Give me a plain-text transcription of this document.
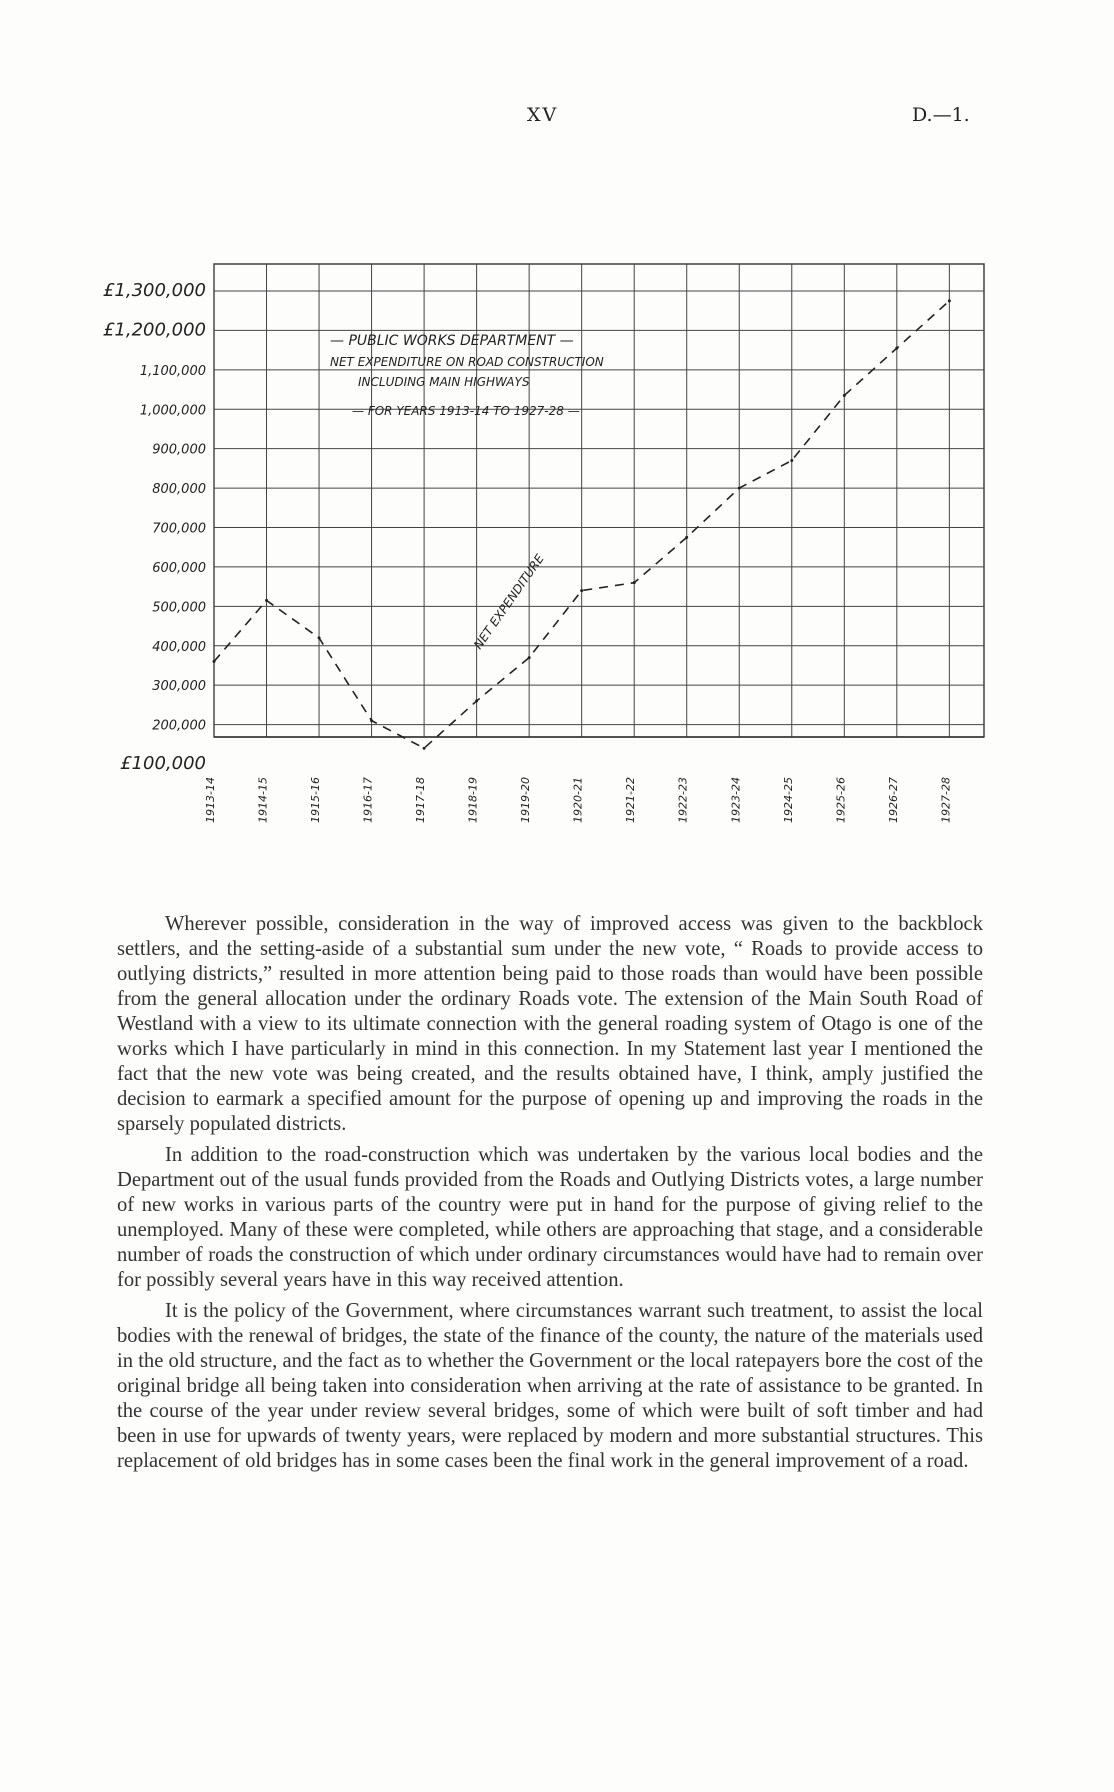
XV	D.—1.
£1,300,000
£1,200,000
1,100,000
1,000,000
900,000
800,000
700,000
600,000
500,000
400,000
300,000
200,000
£100,000
1913-14	1914-15	1915-16	1916-17	1917-18	1918-19	1919-20	1920-21	1921-22	1922-23	1923-24	1924-25	1925-26	1926-27	1927-28
— PUBLIC WORKS DEPARTMENT —
NET EXPENDITURE ON ROAD CONSTRUCTION
INCLUDING MAIN HIGHWAYS
— FOR YEARS 1913-14 TO 1927-28 —
NET EXPENDITURE

Wherever possible, consideration in the way of improved access was given to the backblock settlers, and the setting-aside of a substantial sum under the new vote, “ Roads to provide access to outlying districts,” resulted in more attention being paid to those roads than would have been possible from the general allocation under the ordinary Roads vote. The extension of the Main South Road of Westland with a view to its ultimate connection with the general roading system of Otago is one of the works which I have particularly in mind in this connection. In my Statement last year I mentioned the fact that the new vote was being created, and the results obtained have, I think, amply justified the decision to earmark a specified amount for the purpose of opening up and improving the roads in the sparsely populated districts.

In addition to the road-construction which was undertaken by the various local bodies and the Department out of the usual funds provided from the Roads and Outlying Districts votes, a large number of new works in various parts of the country were put in hand for the purpose of giving relief to the unemployed. Many of these were completed, while others are approaching that stage, and a considerable number of roads the construction of which under ordinary circumstances would have had to remain over for possibly several years have in this way received attention.

It is the policy of the Government, where circumstances warrant such treatment, to assist the local bodies with the renewal of bridges, the state of the finance of the county, the nature of the materials used in the old structure, and the fact as to whether the Government or the local ratepayers bore the cost of the original bridge all being taken into consideration when arriving at the rate of assistance to be granted. In the course of the year under review several bridges, some of which were built of soft timber and had been in use for upwards of twenty years, were replaced by modern and more substantial structures. This replacement of old bridges has in some cases been the final work in the general improvement of a road.
